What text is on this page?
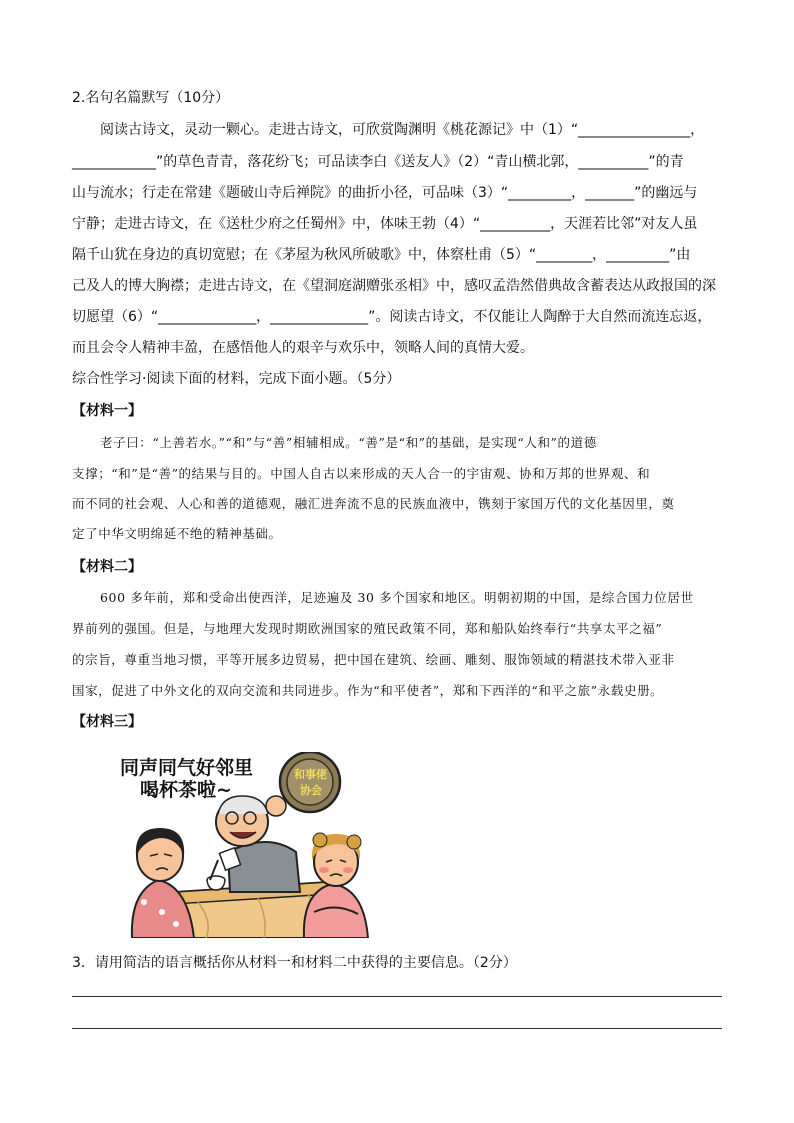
2.名句名篇默写（10分）
阅读古诗文，灵动一颗心。走进古诗文，可欣赏陶渊明《桃花源记》中（1）“________________，
____________”的草色青青，落花纷飞；可品读李白《送友人》（2）“青山横北郭，__________”的青
山与流水；行走在常建《题破山寺后禅院》的曲折小径，可品味（3）“_________，_______”的幽远与
宁静；走进古诗文，在《送杜少府之任蜀州》中，体味王勃（4）“__________，天涯若比邻”对友人虽
隔千山犹在身边的真切宽慰；在《茅屋为秋风所破歌》中，体察杜甫（5）“________，_________”由
己及人的博大胸襟；走进古诗文，在《望洞庭湖赠张丞相》中，感叹孟浩然借典故含蓄表达从政报国的深
切愿望（6）“______________，______________”。阅读古诗文，不仅能让人陶醉于大自然而流连忘返，
而且会令人精神丰盈，在感悟他人的艰辛与欢乐中，领略人间的真情大爱。
综合性学习·阅读下面的材料，完成下面小题。（5分）
【材料一】
老子曰：“上善若水。”“和”与“善”相辅相成。“善”是“和”的基础，是实现“人和”的道德
支撑；“和”是“善”的结果与目的。中国人自古以来形成的天人合一的宇宙观、协和万邦的世界观、和
而不同的社会观、人心和善的道德观，融汇进奔流不息的民族血液中，镌刻于家国万代的文化基因里，奠
定了中华文明绵延不绝的精神基础。
【材料二】
600 多年前，郑和受命出使西洋，足迹遍及 30 多个国家和地区。明朝初期的中国，是综合国力位居世
界前列的强国。但是，与地理大发现时期欧洲国家的殖民政策不同，郑和船队始终奉行“共享太平之福”
的宗旨，尊重当地习惯，平等开展多边贸易，把中国在建筑、绘画、雕刻、服饰领域的精湛技术带入亚非
国家，促进了中外文化的双向交流和共同进步。作为“和平使者”，郑和下西洋的“和平之旅”永载史册。
【材料三】
同声同气好邻里
喝杯茶啦~
和事佬
协会
3．请用简洁的语言概括你从材料一和材料二中获得的主要信息。（2分）
